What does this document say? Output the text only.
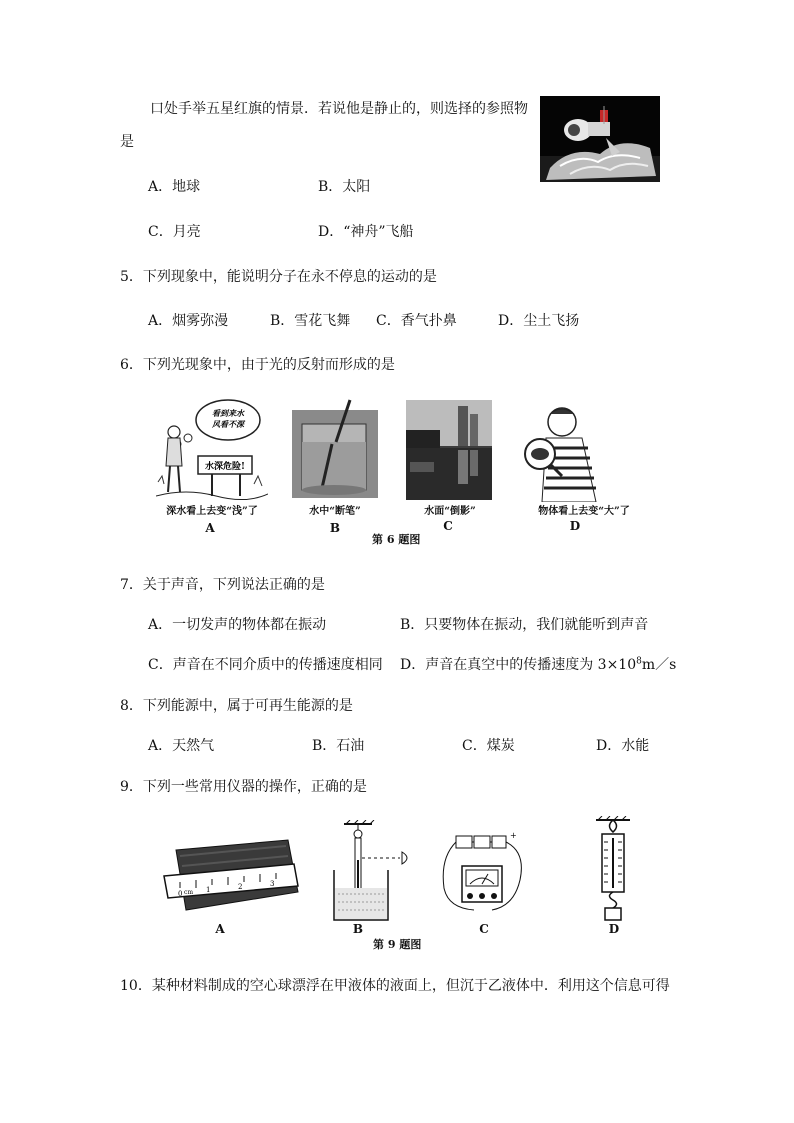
口处手举五星红旗的情景．若说他是静止的，则选择的参照物
是
A．地球	B．太阳
C．月亮	D．“神舟”飞船
5．下列现象中，能说明分子在永不停息的运动的是
A．烟雾弥漫	B．雪花飞舞 C．香气扑鼻	D．尘土飞扬
6．下列光现象中，由于光的反射而形成的是
看到来水
风看不深
水深危险!
深水看上去变“浅”了	水中“断笔”	水面“倒影”	物体看上去变“大”了
A	B	C	D
第 6 题图
7．关于声音，下列说法正确的是
A．一切发声的物体都在振动	B．只要物体在振动，我们就能听到声音
C．声音在不同介质中的传播速度相同 D．声音在真空中的传播速度为 $3\times 10^8m/s$
8．下列能源中，属于可再生能源的是
A．天然气	B．石油	C．煤炭	D．水能
9．下列一些常用仪器的操作，正确的是
0 cm 1	2	3
+
A	B	C	D
第 9 题图
10．某种材料制成的空心球漂浮在甲液体的液面上，但沉于乙液体中．利用这个信息可得
